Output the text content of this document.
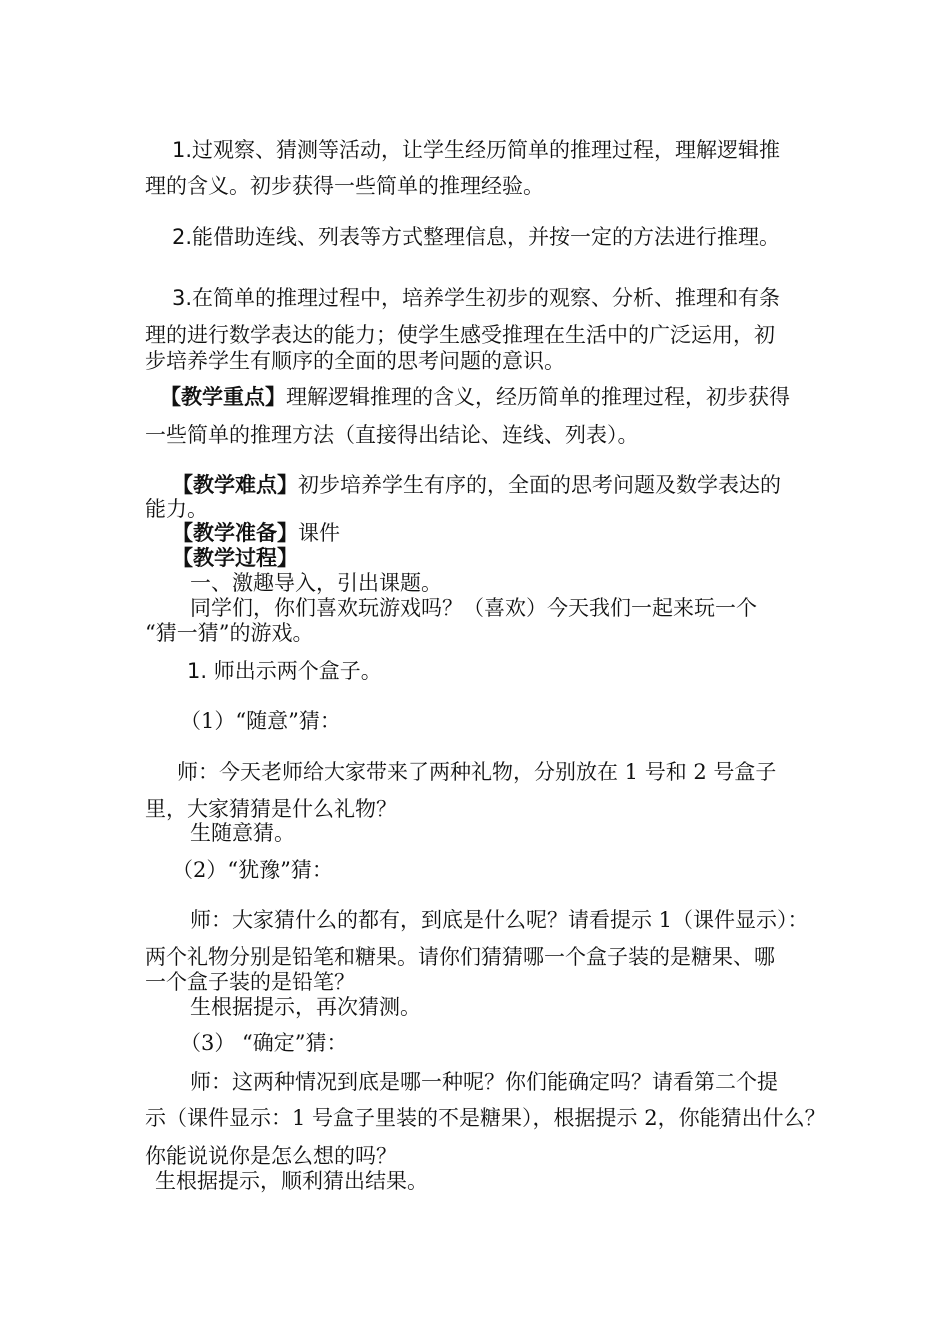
1.过观察、猜测等活动，让学生经历简单的推理过程，理解逻辑推

理的含义。初步获得一些简单的推理经验。

2.能借助连线、列表等方式整理信息，并按一定的方法进行推理。

3.在简单的推理过程中，培养学生初步的观察、分析、推理和有条

理的进行数学表达的能力；使学生感受推理在生活中的广泛运用，初

步培养学生有顺序的全面的思考问题的意识。

【教学重点】理解逻辑推理的含义，经历简单的推理过程，初步获得

一些简单的推理方法（直接得出结论、连线、列表）。

【教学难点】初步培养学生有序的，全面的思考问题及数学表达的

能力。

【教学准备】课件

【教学过程】

一、激趣导入，引出课题。

同学们，你们喜欢玩游戏吗？（喜欢）今天我们一起来玩一个

“猜一猜”的游戏。

1. 师出示两个盒子。

（1）“随意”猜：

师：今天老师给大家带来了两种礼物，分别放在 1 号和 2 号盒子

里，大家猜猜是什么礼物？

生随意猜。

（2）“犹豫”猜：

师：大家猜什么的都有，到底是什么呢？请看提示 1（课件显示）：

两个礼物分别是铅笔和糖果。请你们猜猜哪一个盒子装的是糖果、哪

一个盒子装的是铅笔？

生根据提示，再次猜测。

（3） “确定”猜：

师：这两种情况到底是哪一种呢？你们能确定吗？请看第二个提

示（课件显示：1 号盒子里装的不是糖果），根据提示 2，你能猜出什么？

你能说说你是怎么想的吗？

生根据提示，顺利猜出结果。
